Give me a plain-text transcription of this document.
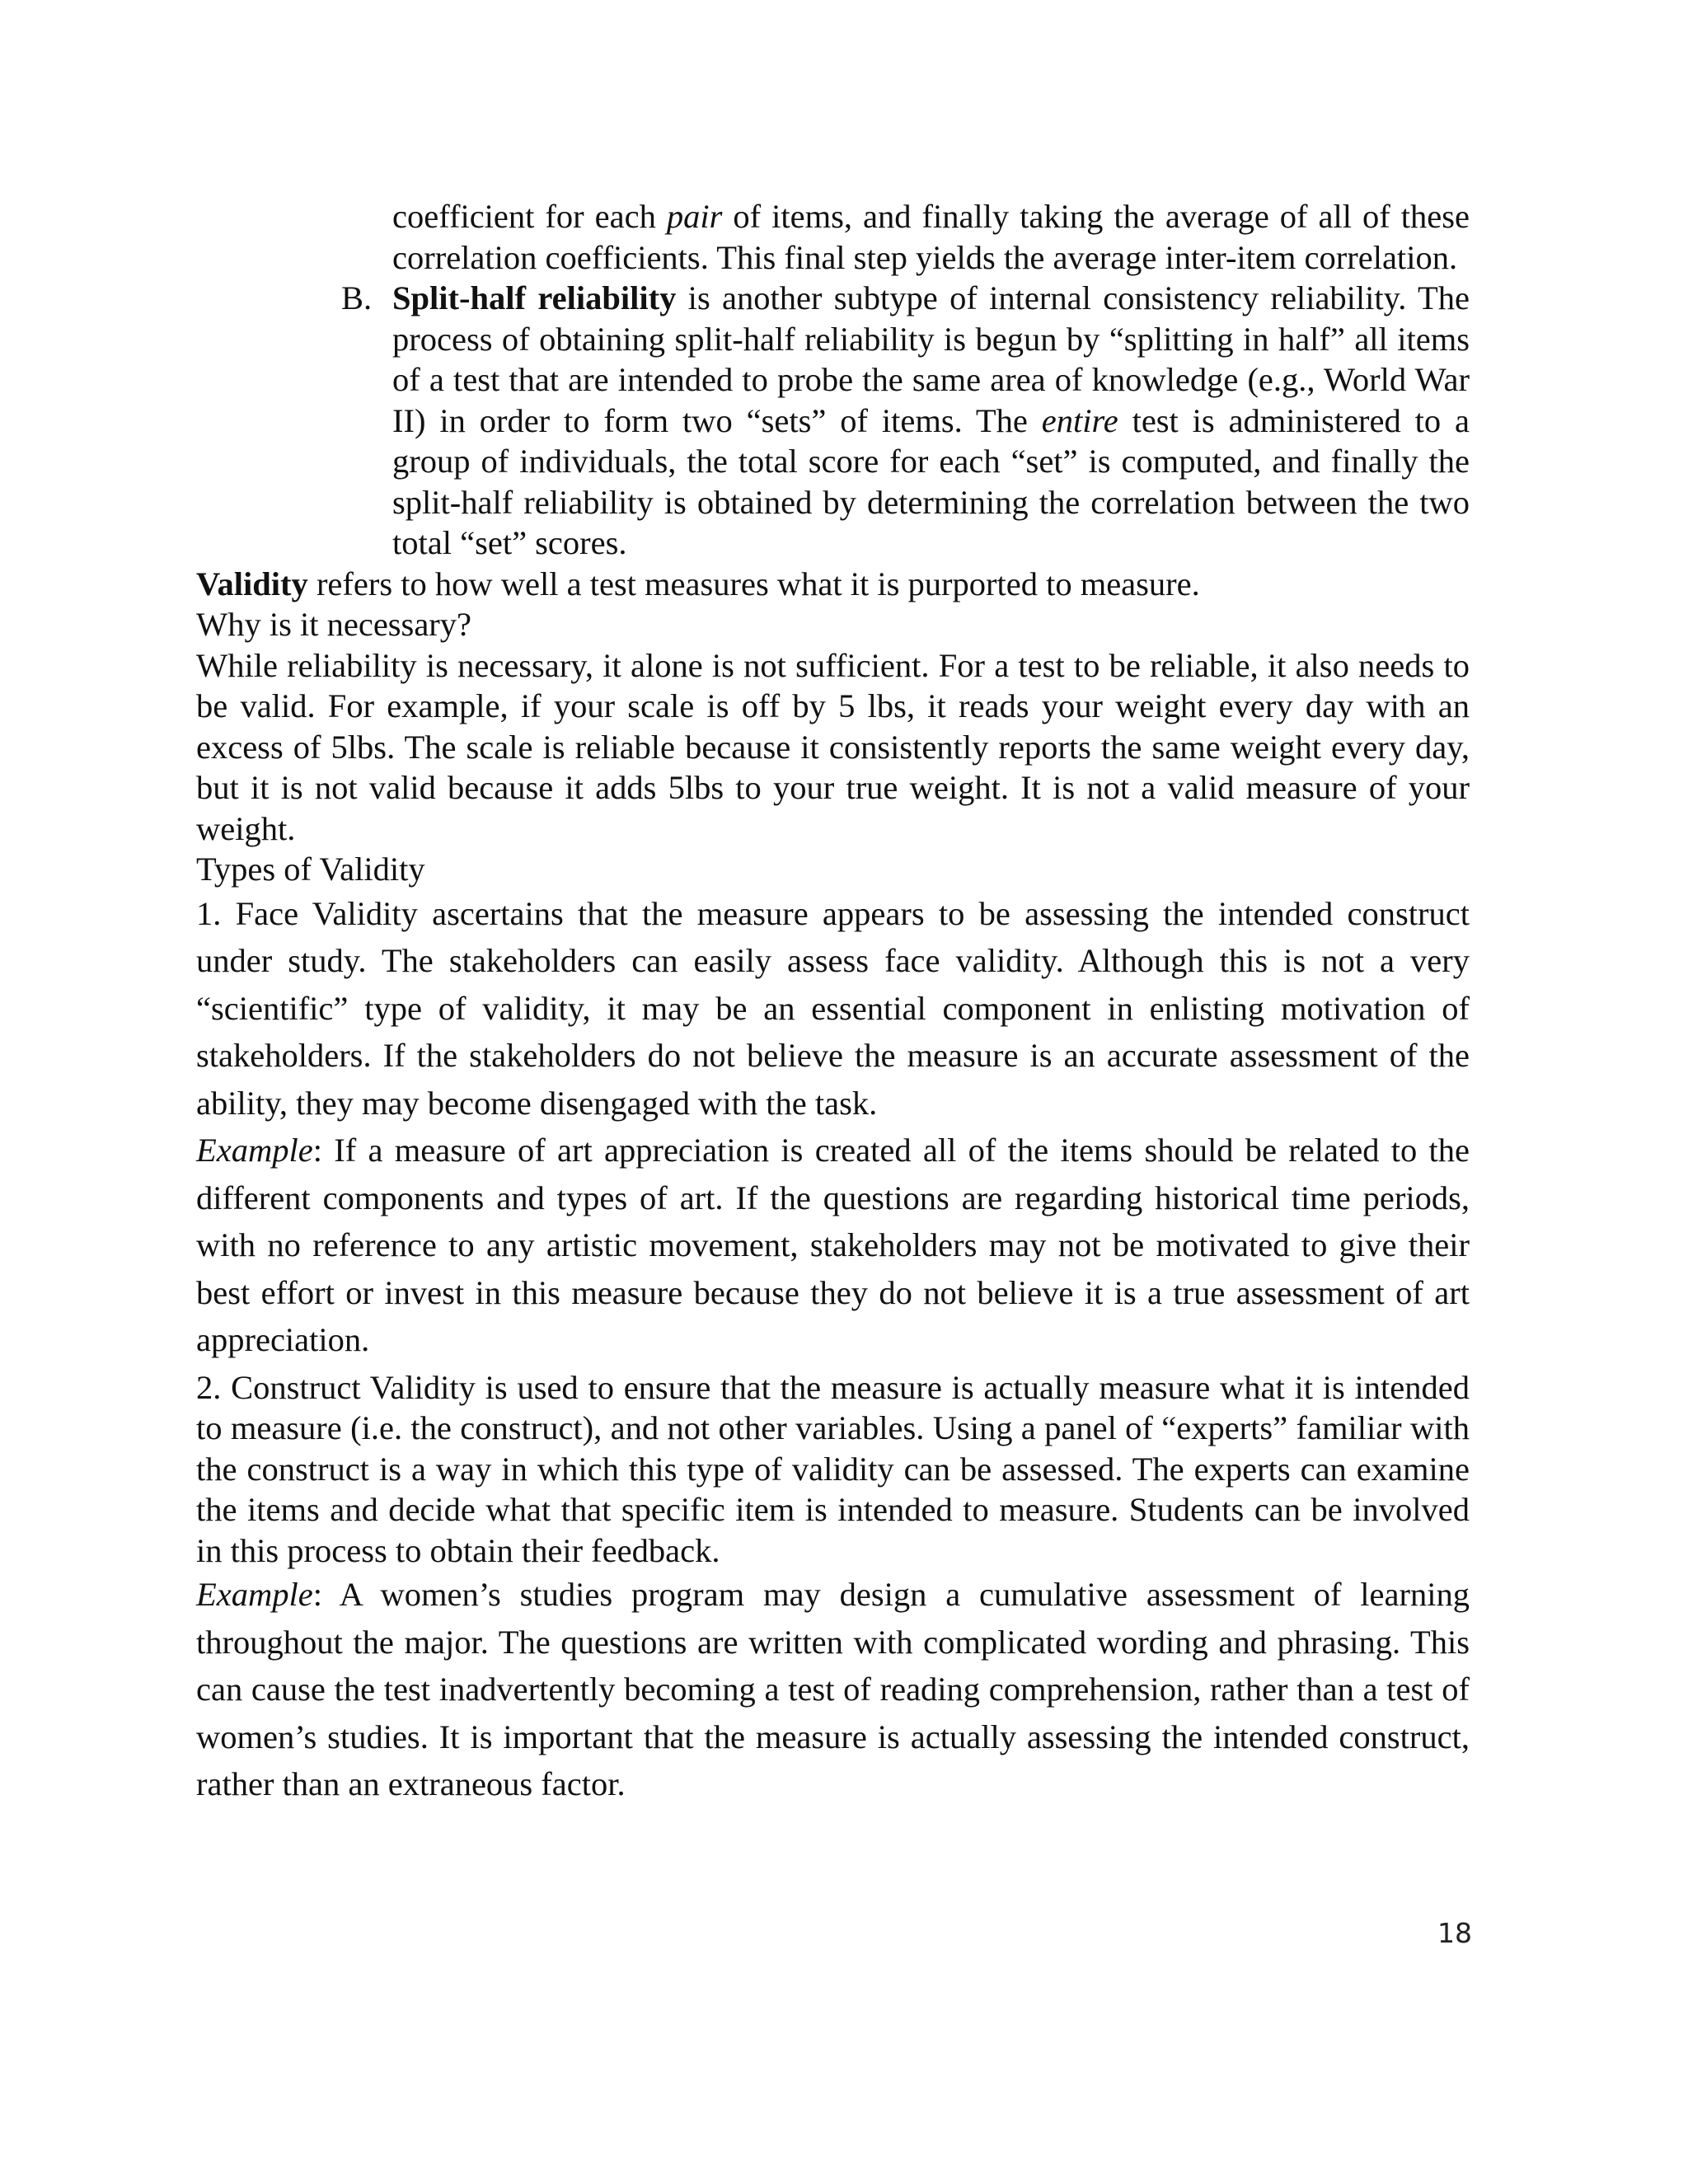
coefficient for each pair of items, and finally taking the average of all of these correlation coefficients. This final step yields the average inter-item correlation.

B. Split-half reliability is another subtype of internal consistency reliability. The process of obtaining split-half reliability is begun by “splitting in half” all items of a test that are intended to probe the same area of knowledge (e.g., World War II) in order to form two “sets” of items. The entire test is administered to a group of individuals, the total score for each “set” is computed, and finally the split-half reliability is obtained by determining the correlation between the two total “set” scores.

Validity refers to how well a test measures what it is purported to measure.

Why is it necessary?

While reliability is necessary, it alone is not sufficient. For a test to be reliable, it also needs to be valid. For example, if your scale is off by 5 lbs, it reads your weight every day with an excess of 5lbs. The scale is reliable because it consistently reports the same weight every day, but it is not valid because it adds 5lbs to your true weight. It is not a valid measure of your weight.

Types of Validity

1. Face Validity ascertains that the measure appears to be assessing the intended construct under study. The stakeholders can easily assess face validity. Although this is not a very “scientific” type of validity, it may be an essential component in enlisting motivation of stakeholders. If the stakeholders do not believe the measure is an accurate assessment of the ability, they may become disengaged with the task.

Example: If a measure of art appreciation is created all of the items should be related to the different components and types of art. If the questions are regarding historical time periods, with no reference to any artistic movement, stakeholders may not be motivated to give their best effort or invest in this measure because they do not believe it is a true assessment of art appreciation.

2. Construct Validity is used to ensure that the measure is actually measure what it is intended to measure (i.e. the construct), and not other variables. Using a panel of “experts” familiar with the construct is a way in which this type of validity can be assessed. The experts can examine the items and decide what that specific item is intended to measure. Students can be involved in this process to obtain their feedback.

Example: A women’s studies program may design a cumulative assessment of learning throughout the major. The questions are written with complicated wording and phrasing. This can cause the test inadvertently becoming a test of reading comprehension, rather than a test of women’s studies. It is important that the measure is actually assessing the intended construct, rather than an extraneous factor.

18
